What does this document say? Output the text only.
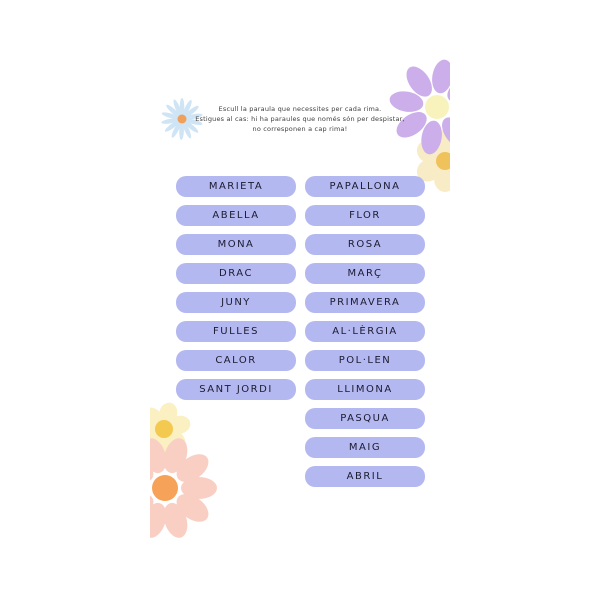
Escull la paraula que necessites per cada rima.
Estigues al cas: hi ha paraules que només són per despistar,
no corresponen a cap rima!
MARIETA
ABELLA
MONA
DRAC
JUNY
FULLES
CALOR
SANT JORDI
PAPALLONA
FLOR
ROSA
MARÇ
PRIMAVERA
AL·LÈRGIA
POL·LEN
LLIMONA
PASQUA
MAIG
ABRIL
